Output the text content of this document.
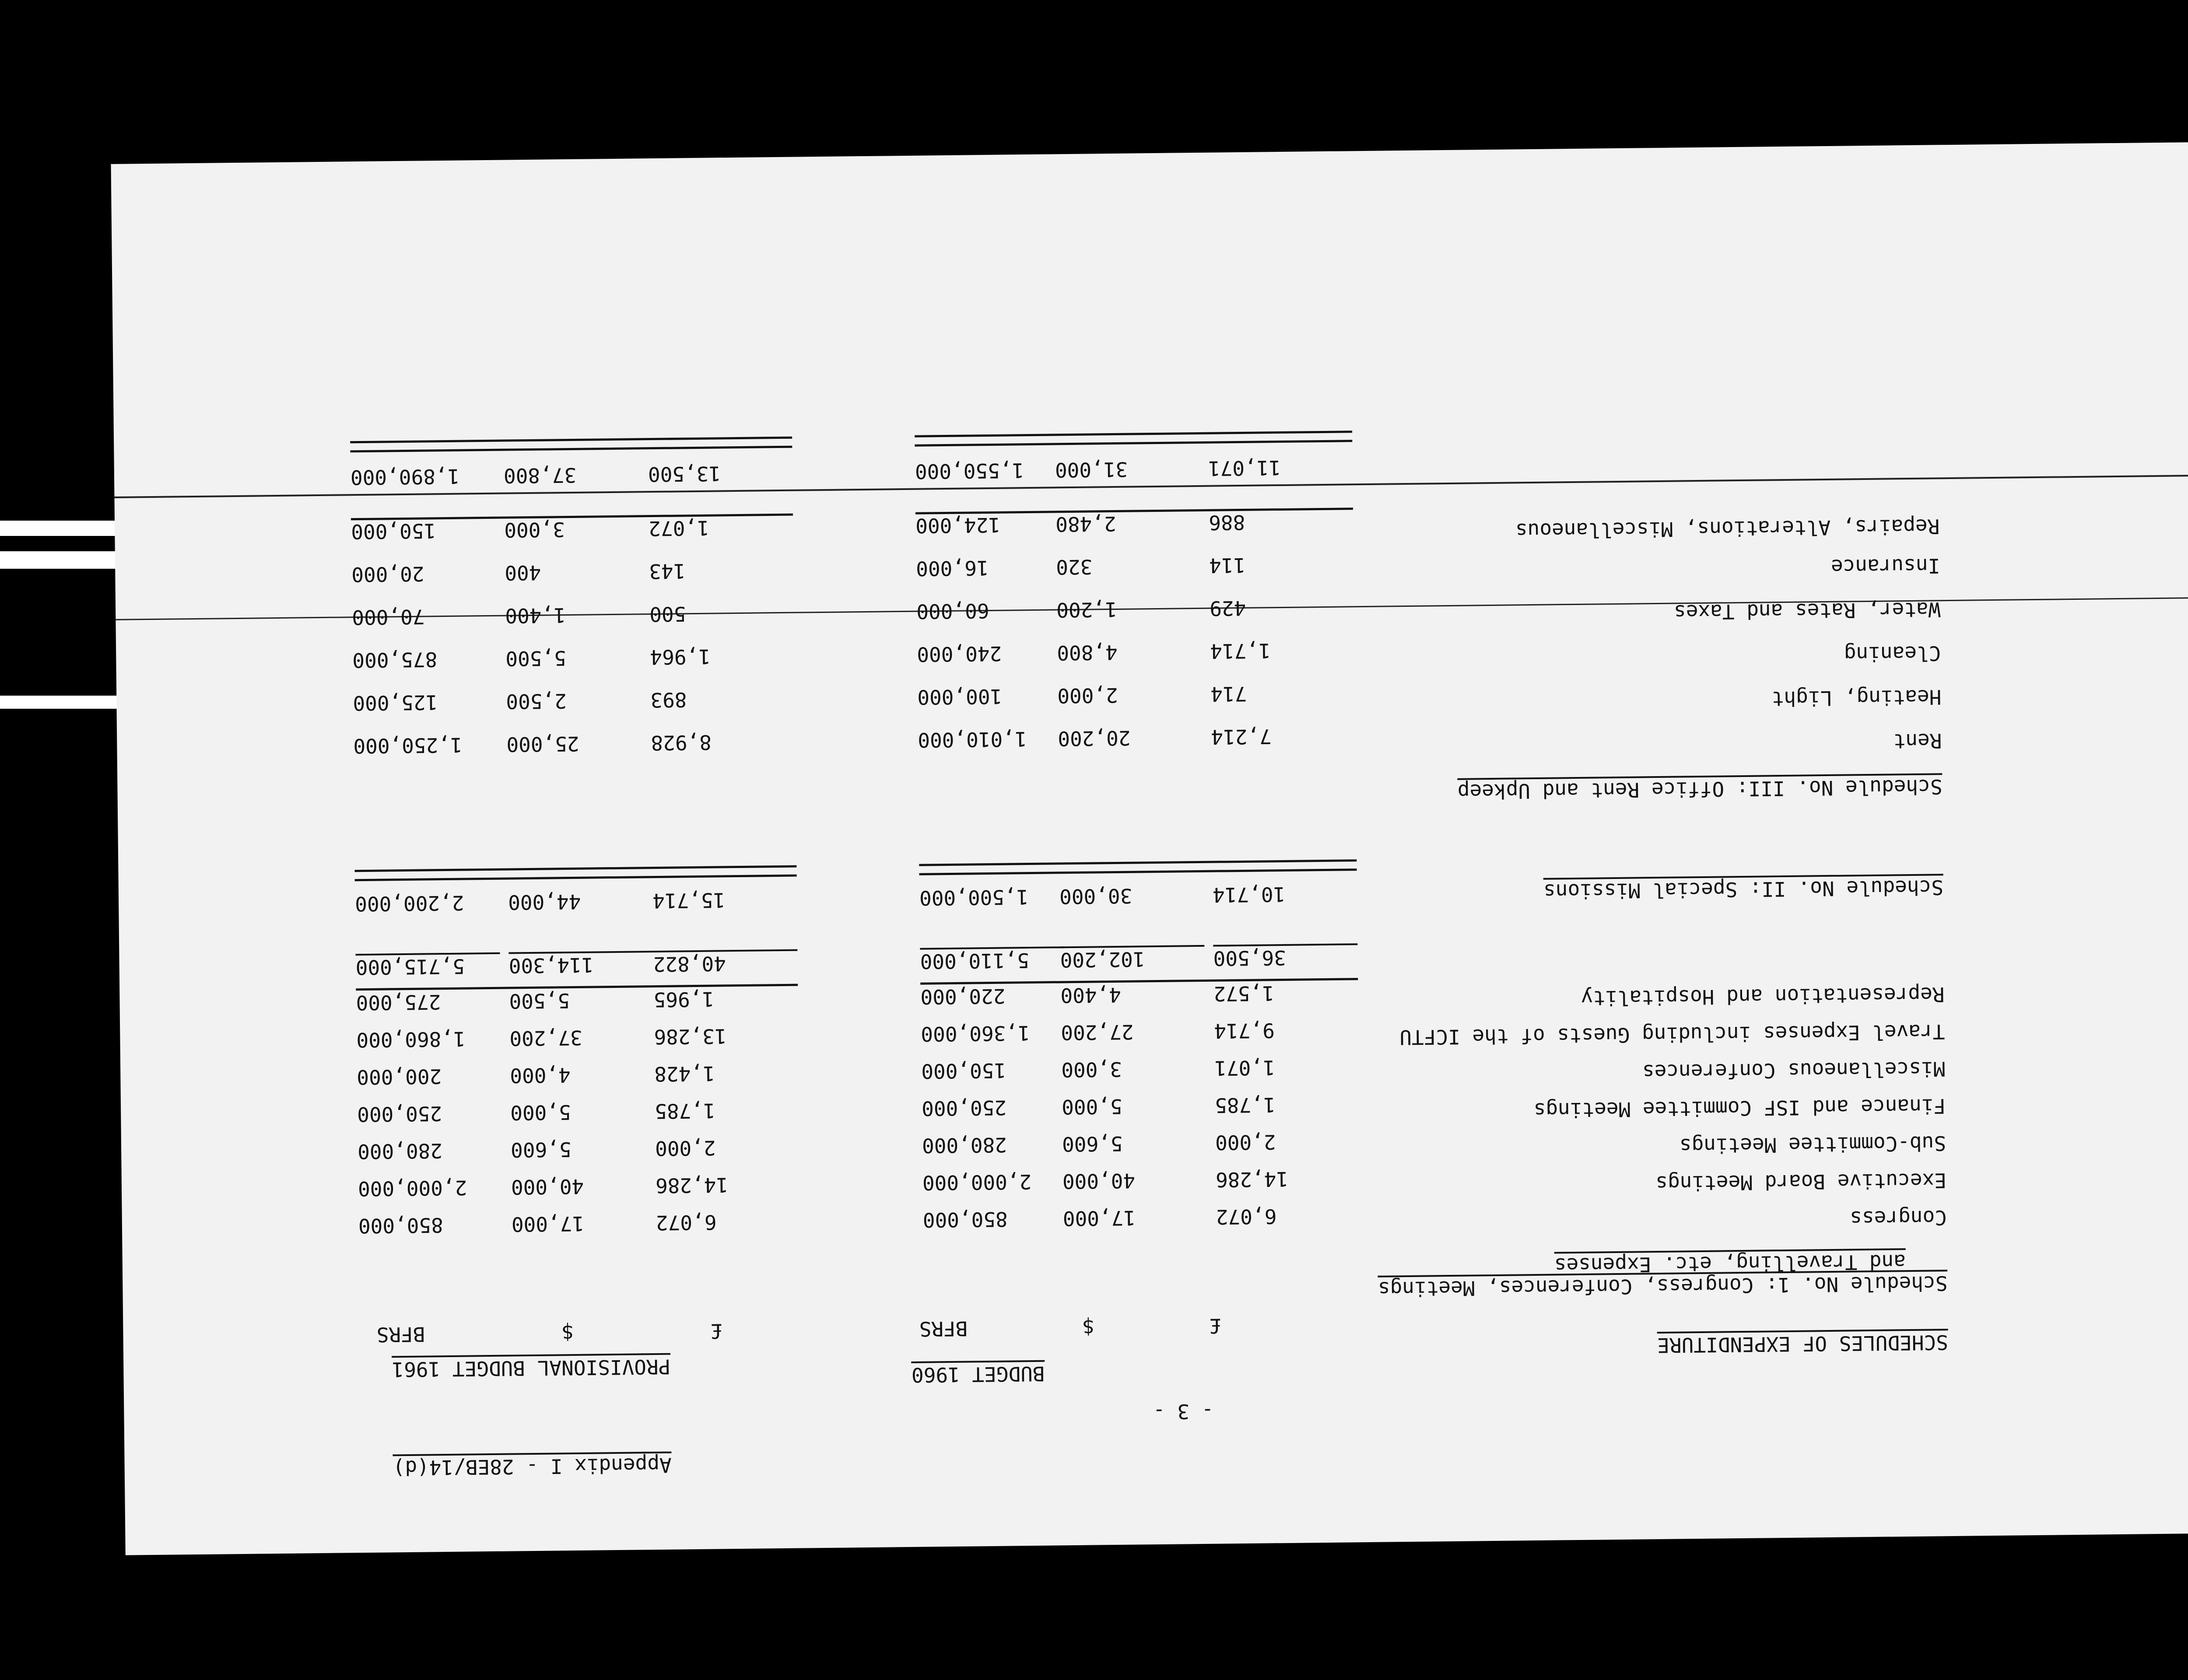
Appendix I - 28EB/14(d)
- 3 -
SCHEDULES OF EXPENDITURE
BUDGET 1960
PROVISIONAL BUDGET 1961
£
$
BFRS
£
$
BFRS
Schedule No. 1: Congress, Conferences, Meetings
and Travelling, etc. Expenses
Congress
Executive Board Meetings
Sub-Committee Meetings
Finance and ISF Committee Meetings
Miscellaneous Conferences
Travel Expenses including Guests of the ICFTU
Representation and Hospitality
6,072
14,286
2,000
1,785
1,071
9,714
1,572
17,000
40,000
5,600
5,000
3,000
27,200
4,400
850,000
2,000,000
280,000
250,000
150,000
1,360,000
220,000
6,072
14,286
2,000
1,785
1,428
13,286
1,965
17,000
40,000
5,600
5,000
4,000
37,200
5,500
850,000
2,000,000
280,000
250,000
200,000
1,860,000
275,000
36,500
102,200
5,110,000
40,822
114,300
5,715,000
Schedule No. II: Special Missions
10,714
30,000
1,500,000
15,714
44,000
2,200,000
Schedule No. III: Office Rent and Upkeep
Rent
Heating, Light
Cleaning
Water, Rates and Taxes
Insurance
Repairs, Alterations, Miscellaneous
7,214
714
1,714
429
114
886
20,200
2,000
4,800
1,200
320
2,480
1,010,000
100,000
240,000
60,000
16,000
124,000
8,928
893
1,964
500
143
1,072
25,000
2,500
5,500
1,400
400
3,000
1,250,000
125,000
875,000
70,000
20,000
150,000
11,071
31,000
1,550,000
13,500
37,800
1,890,000
